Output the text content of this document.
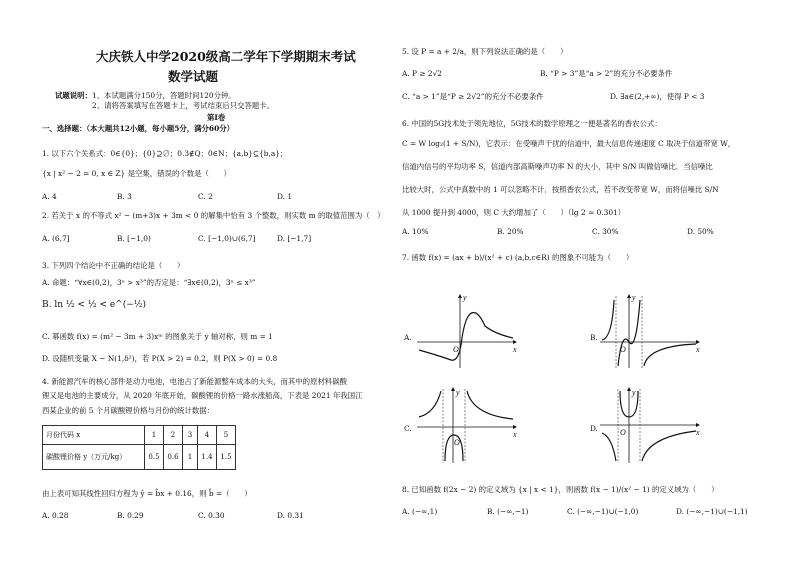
大庆铁人中学2020级高二学年下学期期末考试
数学试题
试题说明：1、本试题满分150分，答题时间120分钟。
2、请将答案填写在答题卡上，考试结束后只交答题卡。
第Ⅰ卷
一、选择题：（本大题共12小题，每小题5分，满分60分）
1. 以下六个关系式：0∈{0}；{0}⊇∅；0.3∉Q；0∈N；{a,b}⊆{b,a}；
{x | x² − 2 = 0, x ∈ Z} 是空集，错误的个数是（　　）
A. 4	B. 3	C. 2	D. 1
2. 若关于 x 的不等式 x² − (m+3)x + 3m < 0 的解集中恰有 3 个整数，则实数 m 的取值范围为（　）
A. (6,7]	B. [−1,0)	C. [−1,0)∪(6,7]	D. [−1,7]
3. 下列四个结论中不正确的结论是（　　）
A. 命题：“∀x∈(0,2)，3ˣ > x³”的否定是：“∃x∈(0,2)，3ˣ ≤ x³”
B. ln ½ < ½ < e^(−½)
C. 幂函数 f(x) = (m² − 3m + 3)xᵐ 的图象关于 y 轴对称，则 m = 1
D. 设随机变量 X ~ N(1,δ²)，若 P(X > 2) = 0.2，则 P(X > 0) = 0.8
4. 新能源汽车的核心部件是动力电池，电池占了新能源整车成本的大头，而其中的原材料碳酸
锂又是电池的主要成分，从 2020 年底开始，碳酸锂的价格一路水涨船高，下表是 2021 年我国江
西某企业的前 5 个月碳酸锂价格与月份的统计数据：
月份代码 x	1	2	3	4	5
碳酸锂价格 y（万元/kg）	0.5	0.6	1	1.4	1.5
由上表可知其线性回归方程为 ŷ = b̂x + 0.16，则 b̂ =（　　）
A. 0.28	B. 0.29	C. 0.30	D. 0.31
5. 设 P = a + 2/a，则下列说法正确的是（　　）
A. P ≥ 2√2	B. “P > 3”是“a > 2”的充分不必要条件
C. “a > 1”是“P ≥ 2√2”的充分不必要条件	D. ∃a∈(2,+∞)，使得 P < 3
6. 中国的5G技术处于领先地位，5G技术的数学原理之一便是著名的香农公式：
C = W log₂(1 + S/N)，它表示：在受噪声干扰的信道中，最大信息传递速度 C 取决于信道带宽 W，
信道内信号的平均功率 S，信道内部高斯噪声功率 N 的大小，其中 S/N 叫做信噪比．当信噪比
比较大时，公式中真数中的 1 可以忽略不计．按照香农公式，若不改变带宽 W，而将信噪比 S/N
从 1000 提升到 4000，则 C 大约增加了（　　）（lg 2 ≈ 0.301）
A. 10%	B. 20%	C. 30%	D. 50%
7. 函数 f(x) = (ax + b)/(x² + c) (a,b,c∈R) 的图象不可能为（　　）
A.	B.
C.	D.
y
x
O
y
x
O
y
x
O
y
x
O
8. 已知函数 f(2x − 2) 的定义域为 {x | x < 1}，则函数 f(x − 1)/(x² − 1) 的定义域为（　　）
A. (−∞,1)	B. (−∞,−1)	C. (−∞,−1)∪(−1,0)	D. (−∞,−1)∪(−1,1)
